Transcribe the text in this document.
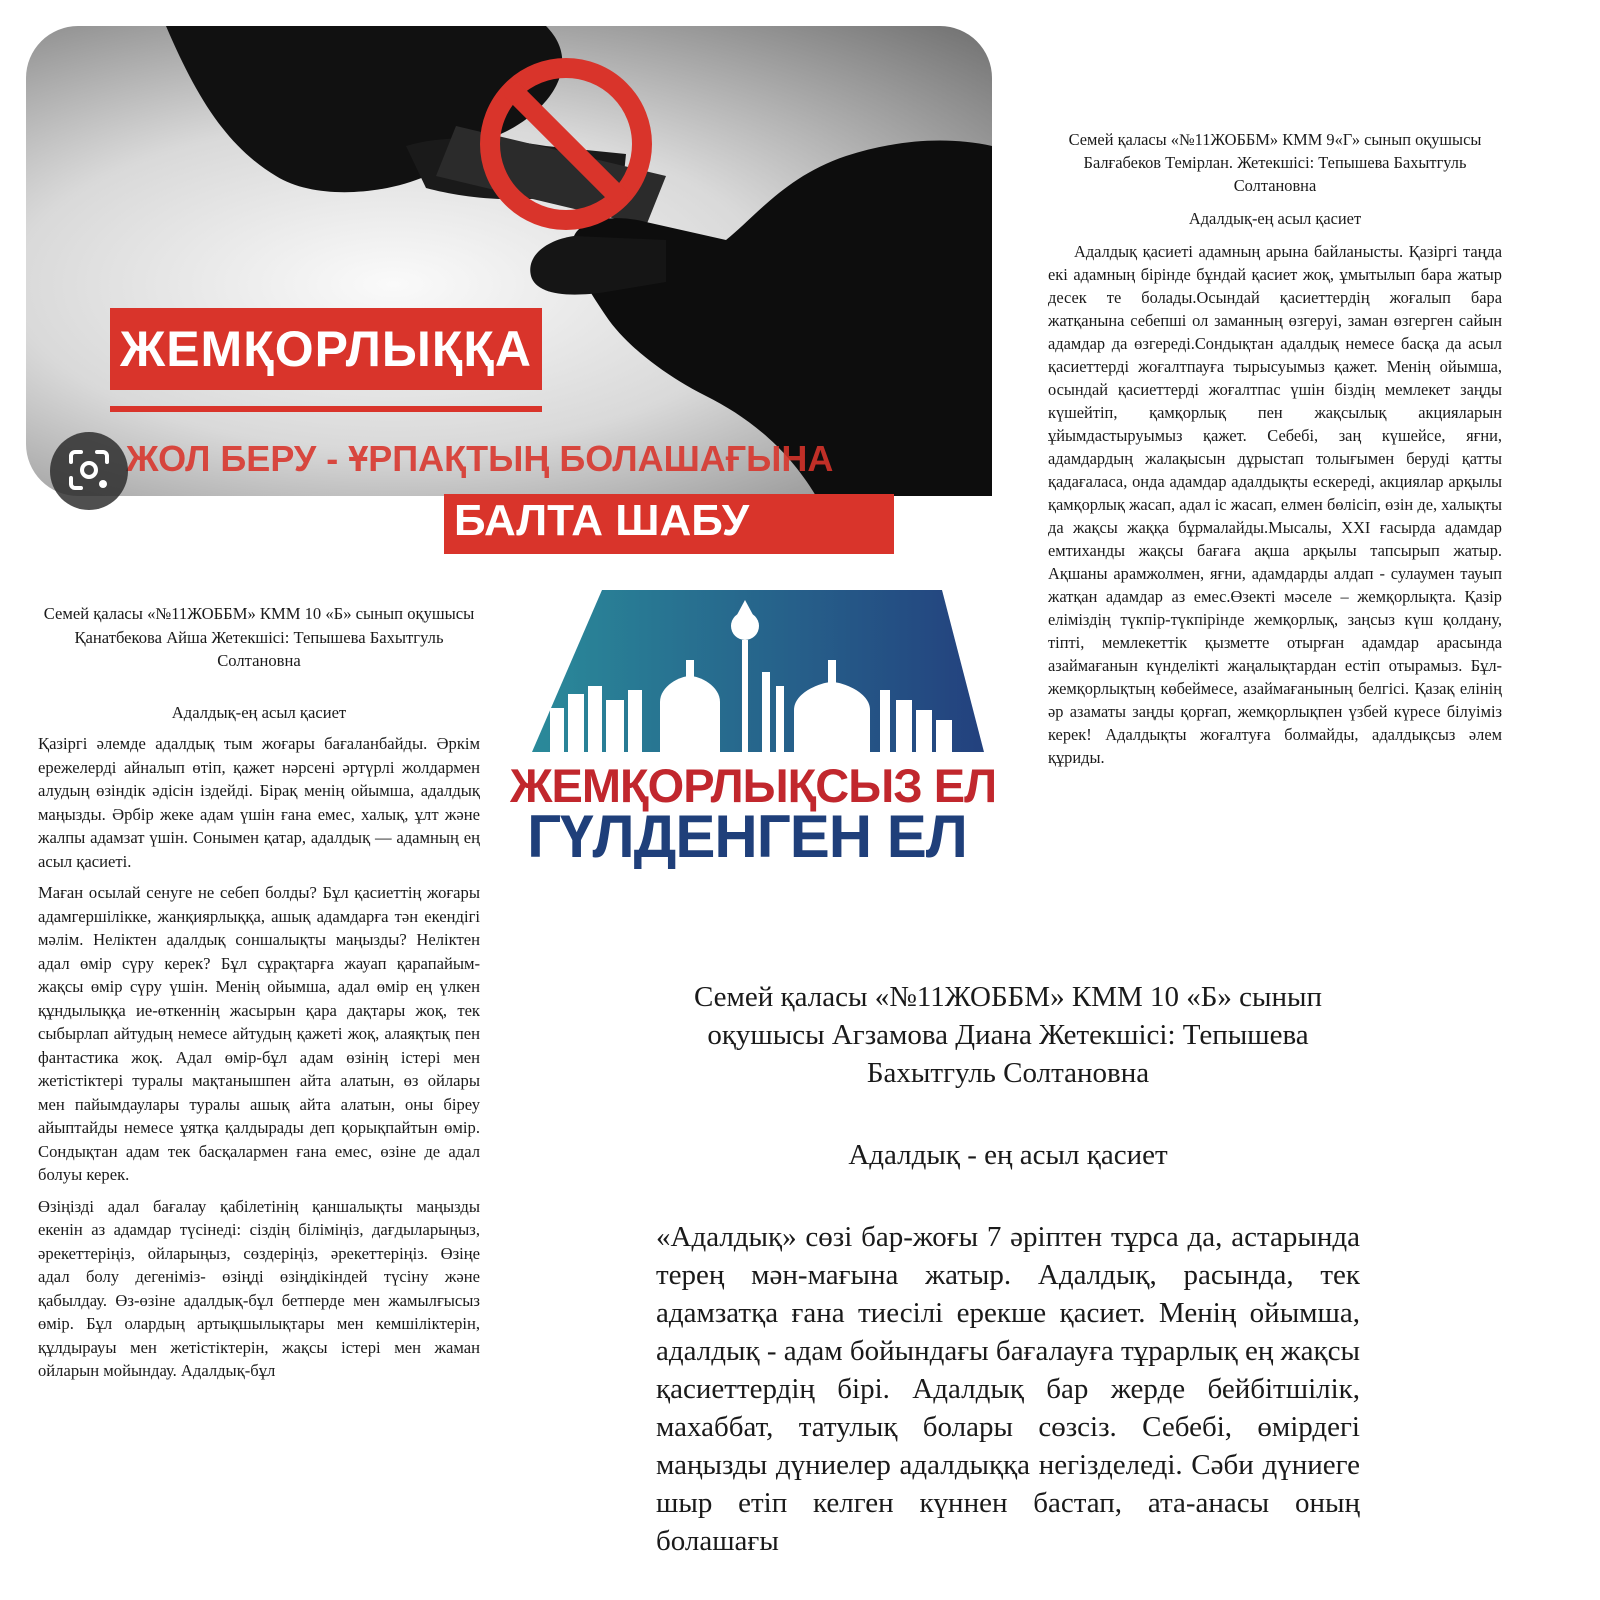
ЖЕМҚОРЛЫҚҚА
ЖОЛ БЕРУ - ҰРПАҚТЫҢ БОЛАШАҒЫНА
БАЛТА ШАБУ

Семей қаласы «№11ЖОББМ» КММ 9«Г» сынып оқушысы Балғабеков Темірлан. Жетекшісі: Тепышева Бахытгуль Солтановна

Адалдық-ең асыл қасиет

Адалдық қасиеті адамның арына байланысты. Қазіргі таңда екі адамның бірінде бұндай қасиет жоқ, ұмытылып бара жатыр десек те болады.Осындай қасиеттердің жоғалып бара жатқанына себепші ол заманның өзгеруі, заман өзгерген сайын адамдар да өзгереді.Сондықтан адалдық немесе басқа да асыл қасиеттерді жоғалтпауға тырысуымыз қажет. Менің ойымша, осындай қасиеттерді жоғалтпас үшін біздің мемлекет заңды күшейтіп, қамқорлық пен жақсылық акцияларын ұйымдастыруымыз қажет. Себебі, заң күшейсе, яғни, адамдардың жалақысын дұрыстап толығымен беруді қатты қадағаласа, онда адамдар адалдықты ескереді, акциялар арқылы қамқорлық жасап, адал іс жасап, елмен бөлісіп, өзін де, халықты да жақсы жаққа бұрмалайды.Мысалы, XXI ғасырда адамдар емтиханды жақсы бағаға ақша арқылы тапсырып жатыр. Ақшаны арамжолмен, яғни, адамдарды алдап - сулаумен тауып жатқан адамдар аз емес.Өзекті мәселе – жемқорлықта. Қазір еліміздің түкпір-түкпірінде жемқорлық, заңсыз күш қолдану, тіпті, мемлекеттік қызметте отырған адамдар арасында азаймағанын күнделікті жаңалықтардан естіп отырамыз. Бұл- жемқорлықтың көбеймесе, азаймағанының белгісі. Қазақ елінің әр азаматы заңды қорғап, жемқорлықпен үзбей күресе білуіміз керек! Адалдықты жоғалтуға болмайды, адалдықсыз әлем құриды.

Семей қаласы «№11ЖОББМ» КММ 10 «Б» сынып оқушысы Қанатбекова Айша Жетекшісі: Тепышева Бахытгуль Солтановна

Адалдық-ең асыл қасиет

Қазіргі әлемде адалдық тым жоғары бағаланбайды. Әркім ережелерді айналып өтіп, қажет нәрсені әртүрлі жолдармен алудың өзіндік әдісін іздейді. Бірақ менің ойымша, адалдық маңызды. Әрбір жеке адам үшін ғана емес, халық, ұлт және жалпы адамзат үшін. Сонымен қатар, адалдық — адамның ең асыл қасиеті.

Маған осылай сенуге не себеп болды? Бұл қасиеттің жоғары адамгершілікке, жанқиярлыққа, ашық адамдарға тән екендігі мәлім. Неліктен адалдық соншалықты маңызды? Неліктен адал өмір сүру керек? Бұл сұрақтарға жауап қарапайым- жақсы өмір сүру үшін. Менің ойымша, адал өмір ең үлкен құндылыққа ие-өткеннің жасырын қара дақтары жоқ, тек сыбырлап айтудың немесе айтудың қажеті жоқ, алаяқтық пен фантастика жоқ. Адал өмір-бұл адам өзінің істері мен жетістіктері туралы мақтанышпен айта алатын, өз ойлары мен пайымдаулары туралы ашық айта алатын, оны біреу айыптайды немесе ұятқа қалдырады деп қорықпайтын өмір. Сондықтан адам тек басқалармен ғана емес, өзіне де адал болуы керек.

Өзіңізді адал бағалау қабілетінің қаншалықты маңызды екенін аз адамдар түсінеді: сіздің біліміңіз, дағдыларыңыз, әрекеттеріңіз, ойларыңыз, сөздеріңіз, әрекеттеріңіз. Өзіңе адал болу дегеніміз- өзіңді өзіңдікіндей түсіну және қабылдау. Өз-өзіне адалдық-бұл бетперде мен жамылғысыз өмір. Бұл олардың артықшылықтары мен кемшіліктерін, құлдырауы мен жетістіктерін, жақсы істері мен жаман ойларын мойындау. Адалдық-бұл

ЖЕМҚОРЛЫҚСЫЗ ЕЛ
ГҮЛДЕНГЕН ЕЛ

Семей қаласы «№11ЖОББМ» КММ 10 «Б» сынып оқушысы Агзамова Диана Жетекшісі: Тепышева Бахытгуль Солтановна

Адалдық - ең асыл қасиет

«Адалдық» сөзі бар-жоғы 7 әріптен тұрса да, астарында терең мән-мағына жатыр. Адалдық, расында, тек адамзатқа ғана тиесілі ерекше қасиет. Менің ойымша, адалдық - адам бойындағы бағалауға тұрарлық ең жақсы қасиеттердің бірі. Адалдық бар жерде бейбітшілік, махаббат, татулық болары сөзсіз. Себебі, өмірдегі маңызды дүниелер адалдыққа негізделеді. Сәби дүниеге шыр етіп келген күннен бастап, ата-анасы оның болашағы
